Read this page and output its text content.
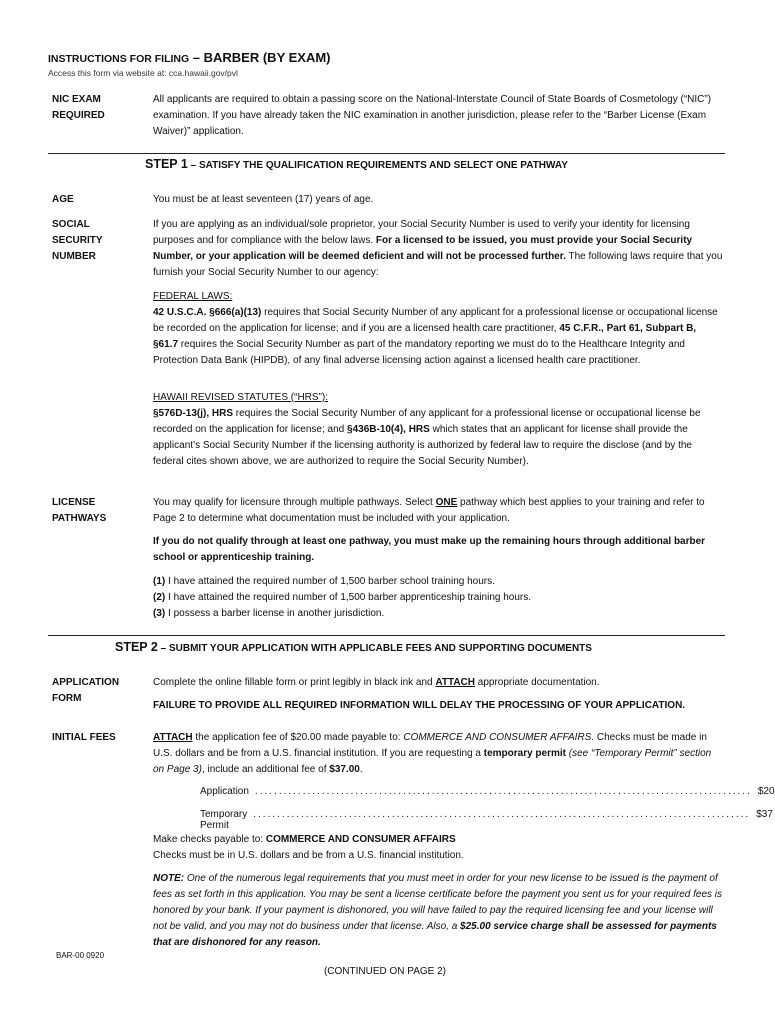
INSTRUCTIONS FOR FILING – BARBER (BY EXAM)
Access this form via website at: cca.hawaii.gov/pvl
NIC EXAM REQUIRED
All applicants are required to obtain a passing score on the National-Interstate Council of State Boards of Cosmetology (“NIC”) examination. If you have already taken the NIC examination in another jurisdiction, please refer to the “Barber License (Exam Waiver)” application.
STEP 1 – SATISFY THE QUALIFICATION REQUIREMENTS AND SELECT ONE PATHWAY
AGE	You must be at least seventeen (17) years of age.
SOCIAL SECURITY NUMBER
If you are applying as an individual/sole proprietor, your Social Security Number is used to verify your identity for licensing purposes and for compliance with the below laws. For a licensed to be issued, you must provide your Social Security Number, or your application will be deemed deficient and will not be processed further. The following laws require that you furnish your Social Security Number to our agency:
FEDERAL LAWS:
42 U.S.C.A. §666(a)(13) requires that Social Security Number of any applicant for a professional license or occupational license be recorded on the application for license; and if you are a licensed health care practitioner, 45 C.F.R., Part 61, Subpart B, §61.7 requires the Social Security Number as part of the mandatory reporting we must do to the Healthcare Integrity and Protection Data Bank (HIPDB), of any final adverse licensing action against a licensed health care practitioner.
HAWAII REVISED STATUTES (“HRS”):
§576D-13(j), HRS requires the Social Security Number of any applicant for a professional license or occupational license be recorded on the application for license; and §436B-10(4), HRS which states that an applicant for license shall provide the applicant’s Social Security Number if the licensing authority is authorized by federal law to require the disclose (and by the federal cites shown above, we are authorized to require the Social Security Number).
LICENSE PATHWAYS
You may qualify for licensure through multiple pathways. Select ONE pathway which best applies to your training and refer to Page 2 to determine what documentation must be included with your application.
If you do not qualify through at least one pathway, you must make up the remaining hours through additional barber school or apprenticeship training.
(1) I have attained the required number of 1,500 barber school training hours.
(2) I have attained the required number of 1,500 barber apprenticeship training hours.
(3) I possess a barber license in another jurisdiction.
STEP 2 – SUBMIT YOUR APPLICATION WITH APPLICABLE FEES AND SUPPORTING DOCUMENTS
APPLICATION FORM
Complete the online fillable form or print legibly in black ink and ATTACH appropriate documentation.
FAILURE TO PROVIDE ALL REQUIRED INFORMATION WILL DELAY THE PROCESSING OF YOUR APPLICATION.
INITIAL FEES	ATTACH the application fee of $20.00 made payable to: COMMERCE AND CONSUMER AFFAIRS. Checks must be made in U.S. dollars and be from a U.S. financial institution. If you are requesting a temporary permit (see “Temporary Permit” section on Page 3), include an additional fee of $37.00.
Application ........................................................................................................ $20
Temporary Permit
........................................................................................................ $37
Make checks payable to: COMMERCE AND CONSUMER AFFAIRS
Checks must be in U.S. dollars and be from a U.S. financial institution.
NOTE: One of the numerous legal requirements that you must meet in order for your new license to be issued is the payment of fees as set forth in this application. You may be sent a license certificate before the payment you sent us for your required fees is honored by your bank. If your payment is dishonored, you will have failed to pay the required licensing fee and your license will not be valid, and you may not do business under that license. Also, a $25.00 service charge shall be assessed for payments that are dishonored for any reason.
BAR-00 0920
(CONTINUED ON PAGE 2)
